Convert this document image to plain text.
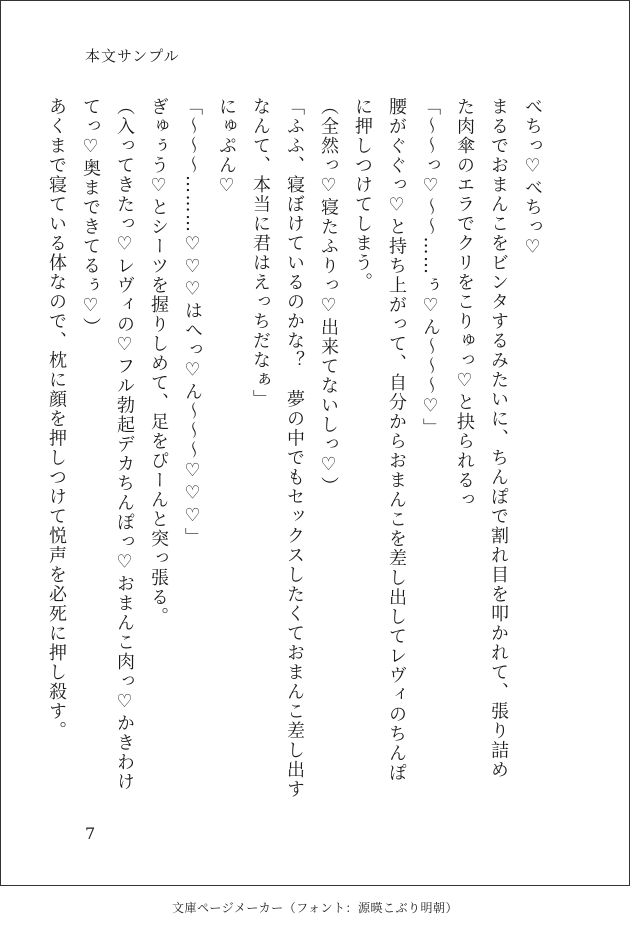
本文サンプル
べちっ♡べちっ♡
まるでおまんこをビンタするみたいに、ちんぽで割れ目を叩かれて、張り詰め
た肉傘のエラでクリをこりゅっ♡と抉られるっ
「～～っ♡～～……ぅ♡ん～～～♡」
腰がぐぐっ♡と持ち上がって、自分からおまんこを差し出してレヴィのちんぽ
に押しつけてしまう。
（全然っ♡寝たふりっ♡出来てないしっ♡）
「ふふ、寝ぼけているのかな？　夢の中でもセックスしたくておまんこ差し出す
なんて、本当に君はえっちだなぁ」
にゅぷん♡
「～～～………♡♡♡はへっ♡ん～～～♡♡♡」
ぎゅぅう♡とシーツを握りしめて、足をぴーんと突っ張る。
（入ってきたっ♡レヴィの♡フル勃起デカちんぽっ♡おまんこ肉っ♡かきわけ
てっ♡奥まできてるぅ♡）
あくまで寝ている体なので、枕に顔を押しつけて悦声を必死に押し殺す。
7
文庫ページメーカー（フォント：源暎こぶり明朝）
